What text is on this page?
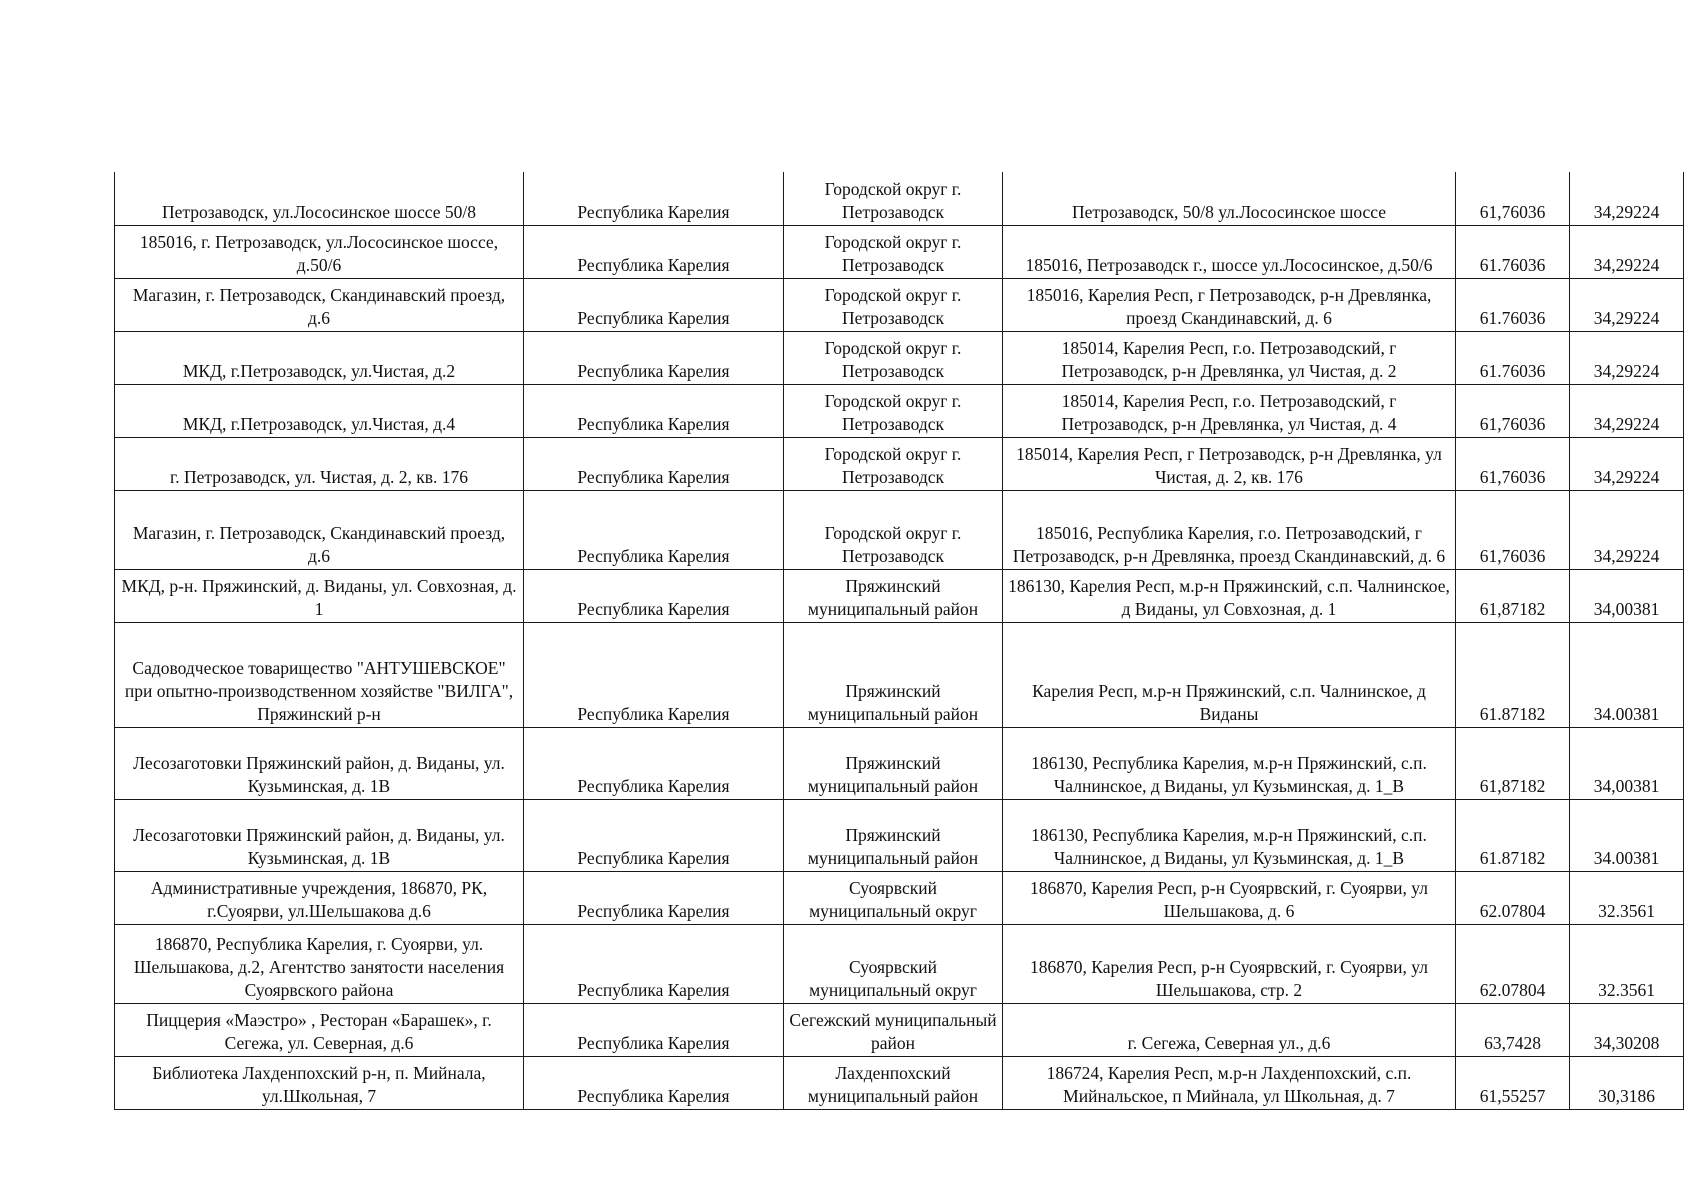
Петрозаводск, ул.Лососинское шоссе 50/8	Республика Карелия	Городской округ г. Петрозаводск	Петрозаводск, 50/8 ул.Лососинское шоссе	61,76036	34,29224
185016, г. Петрозаводск, ул.Лососинское шоссе, д.50/6	Республика Карелия	Городской округ г. Петрозаводск	185016, Петрозаводск г., шоссе ул.Лососинское, д.50/6	61.76036	34,29224
Магазин, г. Петрозаводск, Скандинавский проезд, д.6	Республика Карелия	Городской округ г. Петрозаводск	185016, Карелия Респ, г Петрозаводск, р-н Древлянка, проезд Скандинавский, д. 6	61.76036	34,29224
МКД, г.Петрозаводск, ул.Чистая, д.2	Республика Карелия	Городской округ г. Петрозаводск	185014, Карелия Респ, г.о. Петрозаводский, г Петрозаводск, р-н Древлянка, ул Чистая, д. 2	61.76036	34,29224
МКД, г.Петрозаводск, ул.Чистая, д.4	Республика Карелия	Городской округ г. Петрозаводск	185014, Карелия Респ, г.о. Петрозаводский, г Петрозаводск, р-н Древлянка, ул Чистая, д. 4	61,76036	34,29224
г. Петрозаводск, ул. Чистая, д. 2, кв. 176	Республика Карелия	Городской округ г. Петрозаводск	185014, Карелия Респ, г Петрозаводск, р-н Древлянка, ул Чистая, д. 2, кв. 176	61,76036	34,29224
Магазин, г. Петрозаводск, Скандинавский проезд, д.6	Республика Карелия	Городской округ г. Петрозаводск	185016, Республика Карелия, г.о. Петрозаводский, г Петрозаводск, р-н Древлянка, проезд Скандинавский, д. 6	61,76036	34,29224
МКД, р-н. Пряжинский, д. Виданы, ул. Совхозная, д. 1	Республика Карелия	Пряжинский муниципальный район	186130, Карелия Респ, м.р-н Пряжинский, с.п. Чалнинское, д Виданы, ул Совхозная, д. 1	61,87182	34,00381
Садоводческое товарищество "АНТУШЕВСКОЕ" при опытно-производственном хозяйстве "ВИЛГА", Пряжинский р-н	Республика Карелия	Пряжинский муниципальный район	Карелия Респ, м.р-н Пряжинский, с.п. Чалнинское, д Виданы	61.87182	34.00381
Лесозаготовки Пряжинский район, д. Виданы, ул. Кузьминская, д. 1В	Республика Карелия	Пряжинский муниципальный район	186130, Республика Карелия, м.р-н Пряжинский, с.п. Чалнинское, д Виданы, ул Кузьминская, д. 1_В	61,87182	34,00381
Лесозаготовки Пряжинский район, д. Виданы, ул. Кузьминская, д. 1В	Республика Карелия	Пряжинский муниципальный район	186130, Республика Карелия, м.р-н Пряжинский, с.п. Чалнинское, д Виданы, ул Кузьминская, д. 1_В	61.87182	34.00381
Административные учреждения, 186870, РК, г.Суоярви, ул.Шельшакова д.6	Республика Карелия	Суоярвский муниципальный округ	186870, Карелия Респ, р-н Суоярвский, г. Суоярви, ул Шельшакова, д. 6	62.07804	32.3561
186870, Республика Карелия, г. Суоярви, ул. Шельшакова, д.2, Агентство занятости населения Суоярвского района	Республика Карелия	Суоярвский муниципальный округ	186870, Карелия Респ, р-н Суоярвский, г. Суоярви, ул Шельшакова, стр. 2	62.07804	32.3561
Пиццерия «Маэстро» , Ресторан «Барашек», г. Сегежа, ул. Северная, д.6	Республика Карелия	Сегежский муниципальный район	г. Сегежа, Северная ул., д.6	63,7428	34,30208
Библиотека Лахденпохский р-н, п. Мийнала, ул.Школьная, 7	Республика Карелия	Лахденпохский муниципальный район	186724, Карелия Респ, м.р-н Лахденпохский, с.п. Мийнальское, п Мийнала, ул Школьная, д. 7	61,55257	30,3186
